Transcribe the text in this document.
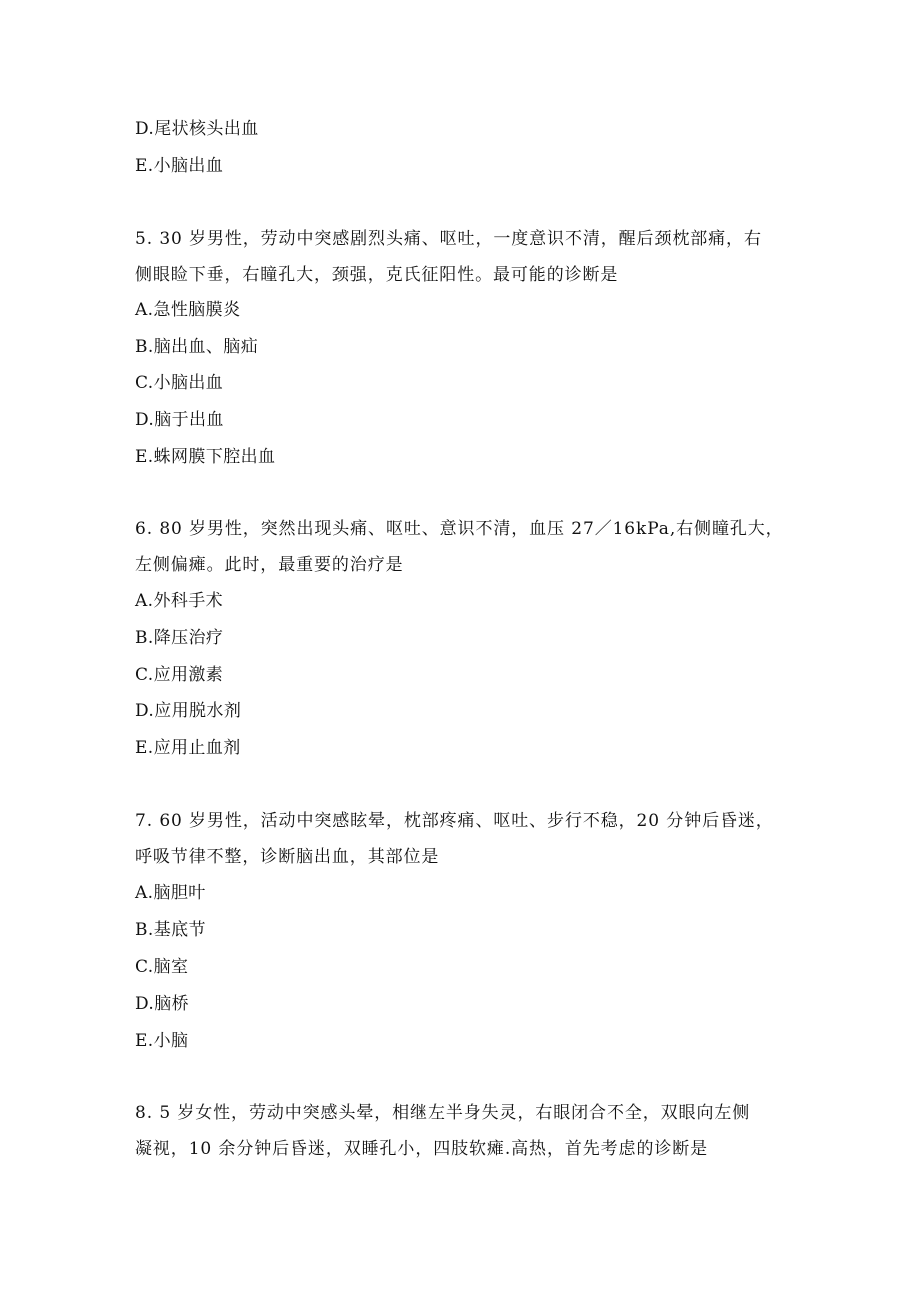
D.尾状核头出血
E.小脑出血
5. 30 岁男性，劳动中突感剧烈头痛、呕吐，一度意识不清，醒后颈枕部痛，右
侧眼睑下垂，右瞳孔大，颈强，克氏征阳性。最可能的诊断是
A.急性脑膜炎
B.脑出血、脑疝
C.小脑出血
D.脑于出血
E.蛛网膜下腔出血
6. 80 岁男性，突然出现头痛、呕吐、意识不清，血压 27／16kPa,右侧瞳孔大，
左侧偏瘫。此时，最重要的治疗是
A.外科手术
B.降压治疗
C.应用激素
D.应用脱水剂
E.应用止血剂
7. 60 岁男性，活动中突感眩晕，枕部疼痛、呕吐、步行不稳，20 分钟后昏迷，
呼吸节律不整，诊断脑出血，其部位是
A.脑胆叶
B.基底节
C.脑室
D.脑桥
E.小脑
8. 5 岁女性，劳动中突感头晕，相继左半身失灵，右眼闭合不全，双眼向左侧
凝视，10 余分钟后昏迷，双睡孔小，四肢软瘫.高热，首先考虑的诊断是
